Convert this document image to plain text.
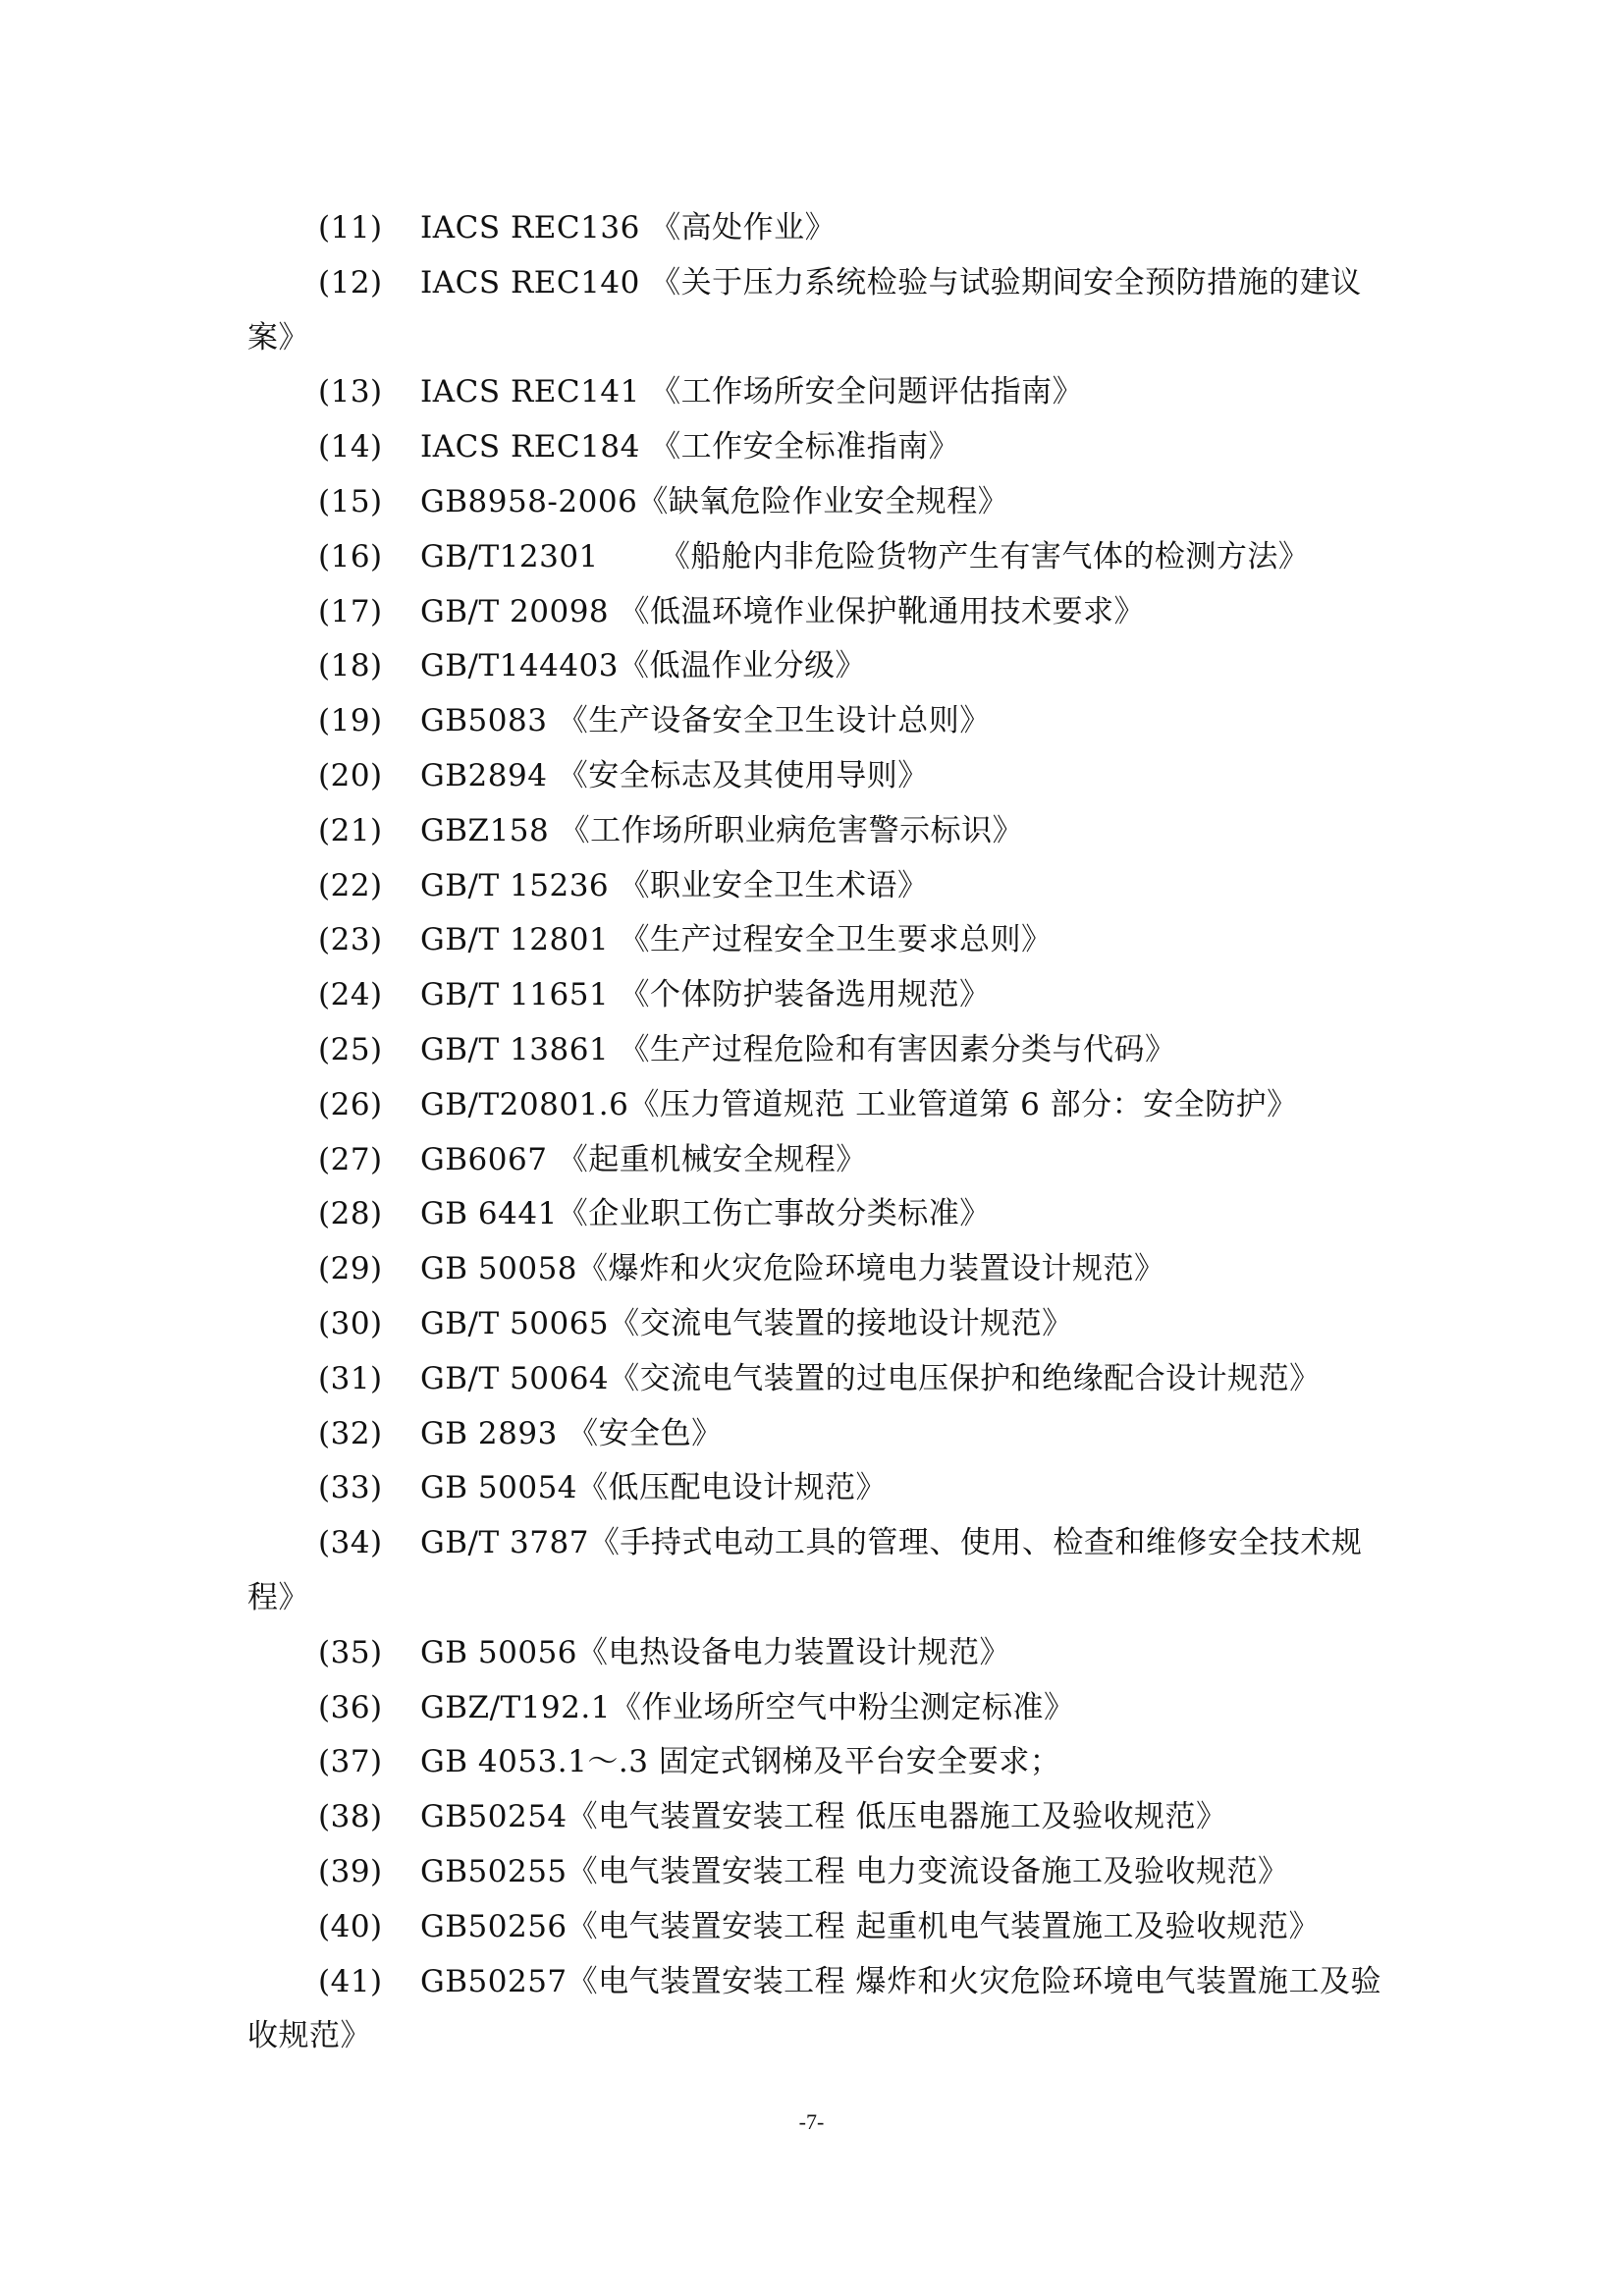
(11) IACS REC136 《高处作业》
(12) IACS REC140 《关于压力系统检验与试验期间安全预防措施的建议案》
(13) IACS REC141 《工作场所安全问题评估指南》
(14) IACS REC184 《工作安全标准指南》
(15) GB8958-2006《缺氧危险作业安全规程》
(16) GB/T12301      《船舱内非危险货物产生有害气体的检测方法》
(17) GB/T 20098 《低温环境作业保护靴通用技术要求》
(18) GB/T144403《低温作业分级》
(19) GB5083 《生产设备安全卫生设计总则》
(20) GB2894 《安全标志及其使用导则》
(21) GBZ158 《工作场所职业病危害警示标识》
(22) GB/T 15236 《职业安全卫生术语》
(23) GB/T 12801 《生产过程安全卫生要求总则》
(24) GB/T 11651 《个体防护装备选用规范》
(25) GB/T 13861 《生产过程危险和有害因素分类与代码》
(26) GB/T20801.6《压力管道规范 工业管道第 6 部分：安全防护》
(27) GB6067 《起重机械安全规程》
(28) GB 6441《企业职工伤亡事故分类标准》
(29) GB 50058《爆炸和火灾危险环境电力装置设计规范》
(30) GB/T 50065《交流电气装置的接地设计规范》
(31) GB/T 50064《交流电气装置的过电压保护和绝缘配合设计规范》
(32) GB 2893 《安全色》
(33) GB 50054《低压配电设计规范》
(34) GB/T 3787《手持式电动工具的管理、使用、检查和维修安全技术规程》
(35) GB 50056《电热设备电力装置设计规范》
(36) GBZ/T192.1《作业场所空气中粉尘测定标准》
(37) GB 4053.1～.3 固定式钢梯及平台安全要求；
(38) GB50254《电气装置安装工程 低压电器施工及验收规范》
(39) GB50255《电气装置安装工程 电力变流设备施工及验收规范》
(40) GB50256《电气装置安装工程 起重机电气装置施工及验收规范》
(41) GB50257《电气装置安装工程 爆炸和火灾危险环境电气装置施工及验收规范》
-7-
